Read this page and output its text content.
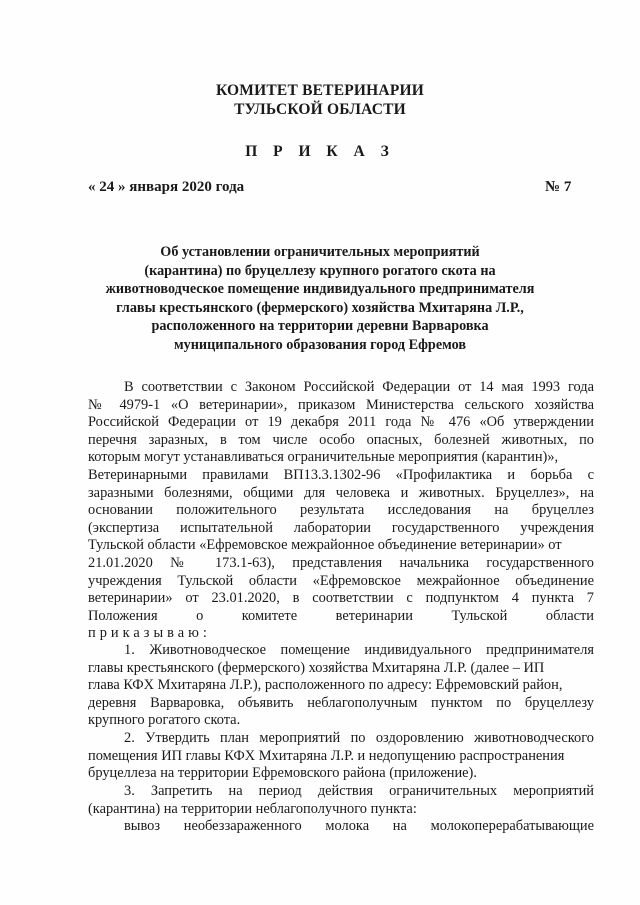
КОМИТЕТ ВЕТЕРИНАРИИ
ТУЛЬСКОЙ ОБЛАСТИ
П Р И К А З
« 24 » января 2020 года	№ 7
Об установлении ограничительных мероприятий
(карантина) по бруцеллезу крупного рогатого скота на
животноводческое помещение индивидуального предпринимателя
главы крестьянского (фермерского) хозяйства Мхитаряна Л.Р.,
расположенного на территории деревни Варваровка
муниципального образования город Ефремов
В соответствии с Законом Российской Федерации от 14 мая 1993 года
№ 4979-1 «О ветеринарии», приказом Министерства сельского хозяйства
Российской Федерации от 19 декабря 2011 года № 476 «Об утверждении
перечня заразных, в том числе особо опасных, болезней животных, по
которым могут устанавливаться ограничительные мероприятия (карантин)»,
Ветеринарными правилами ВП13.3.1302-96 «Профилактика и борьба с
заразными болезнями, общими для человека и животных. Бруцеллез», на
основании положительного результата исследования на бруцеллез
(экспертиза испытательной лаборатории государственного учреждения
Тульской области «Ефремовское межрайонное объединение ветеринарии» от
21.01.2020 № 173.1-63), представления начальника государственного
учреждения Тульской области «Ефремовское межрайонное объединение
ветеринарии» от 23.01.2020, в соответствии с подпунктом 4 пункта 7
Положения о комитете ветеринарии Тульской области
приказываю:
1. Животноводческое помещение индивидуального предпринимателя
главы крестьянского (фермерского) хозяйства Мхитаряна Л.Р. (далее – ИП
глава КФХ Мхитаряна Л.Р.), расположенного по адресу: Ефремовский район,
деревня Варваровка, объявить неблагополучным пунктом по бруцеллезу
крупного рогатого скота.
2. Утвердить план мероприятий по оздоровлению животноводческого
помещения ИП главы КФХ Мхитаряна Л.Р. и недопущению распространения
бруцеллеза на территории Ефремовского района (приложение).
3. Запретить на период действия ограничительных мероприятий
(карантина) на территории неблагополучного пункта:
вывоз необеззараженного молока на молокоперерабатывающие
